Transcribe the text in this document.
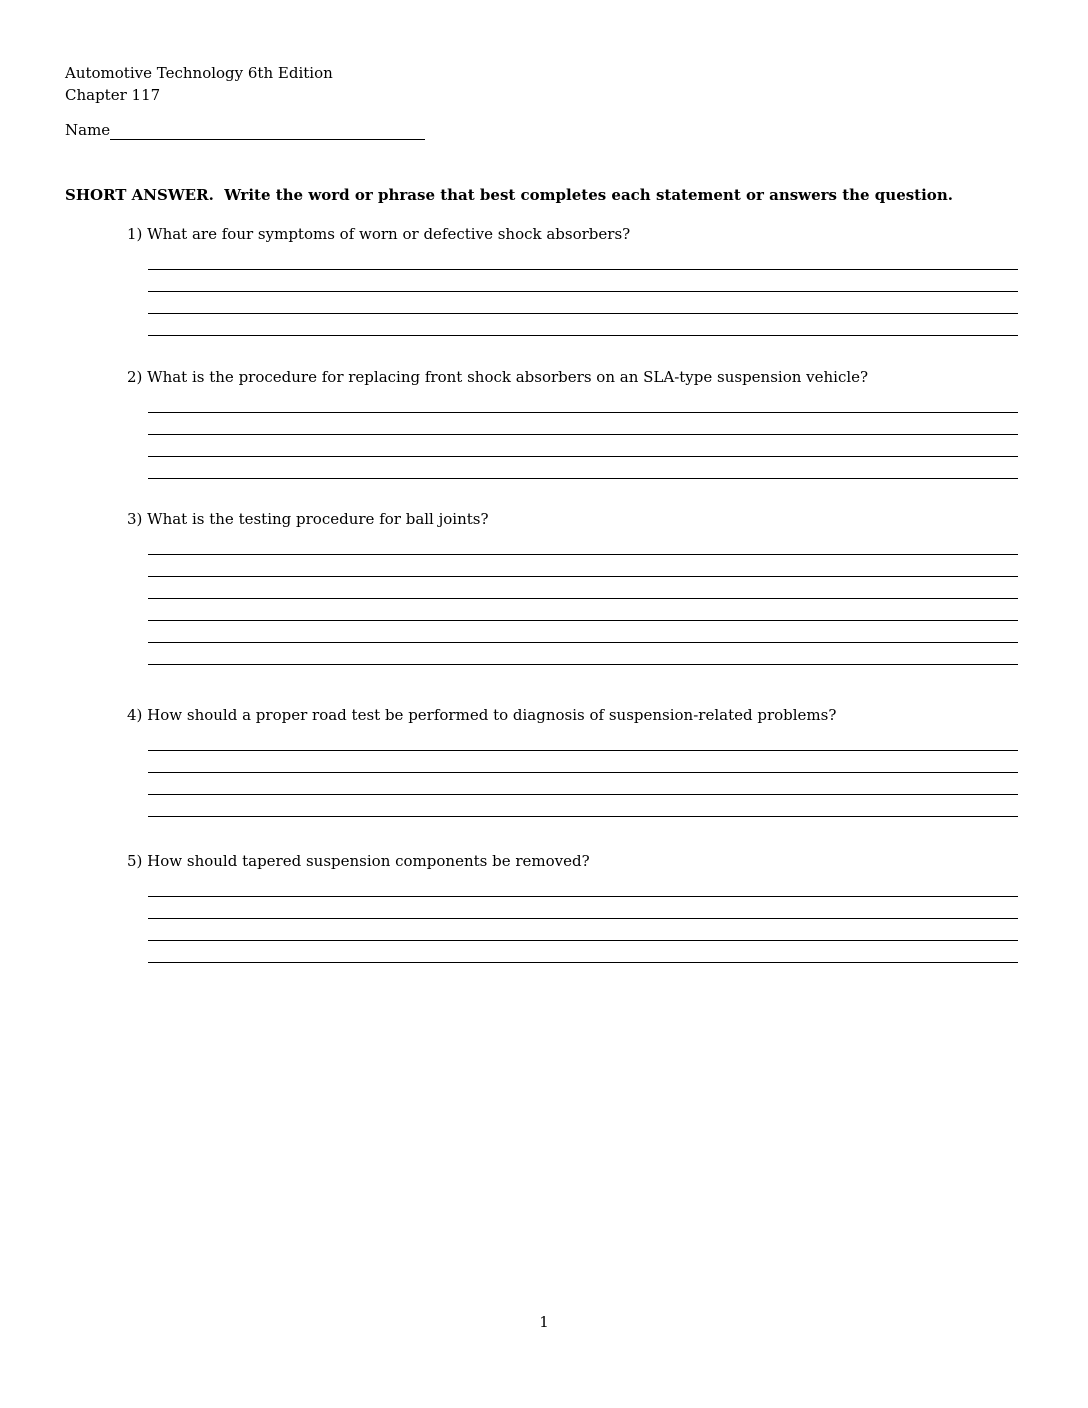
Automotive Technology 6th Edition
Chapter 117
Name
SHORT ANSWER.  Write the word or phrase that best completes each statement or answers the question.
1) What are four symptoms of worn or defective shock absorbers?
2) What is the procedure for replacing front shock absorbers on an SLA-type suspension vehicle?
3) What is the testing procedure for ball joints?
4) How should a proper road test be performed to diagnosis of suspension-related problems?
5) How should tapered suspension components be removed?
1
